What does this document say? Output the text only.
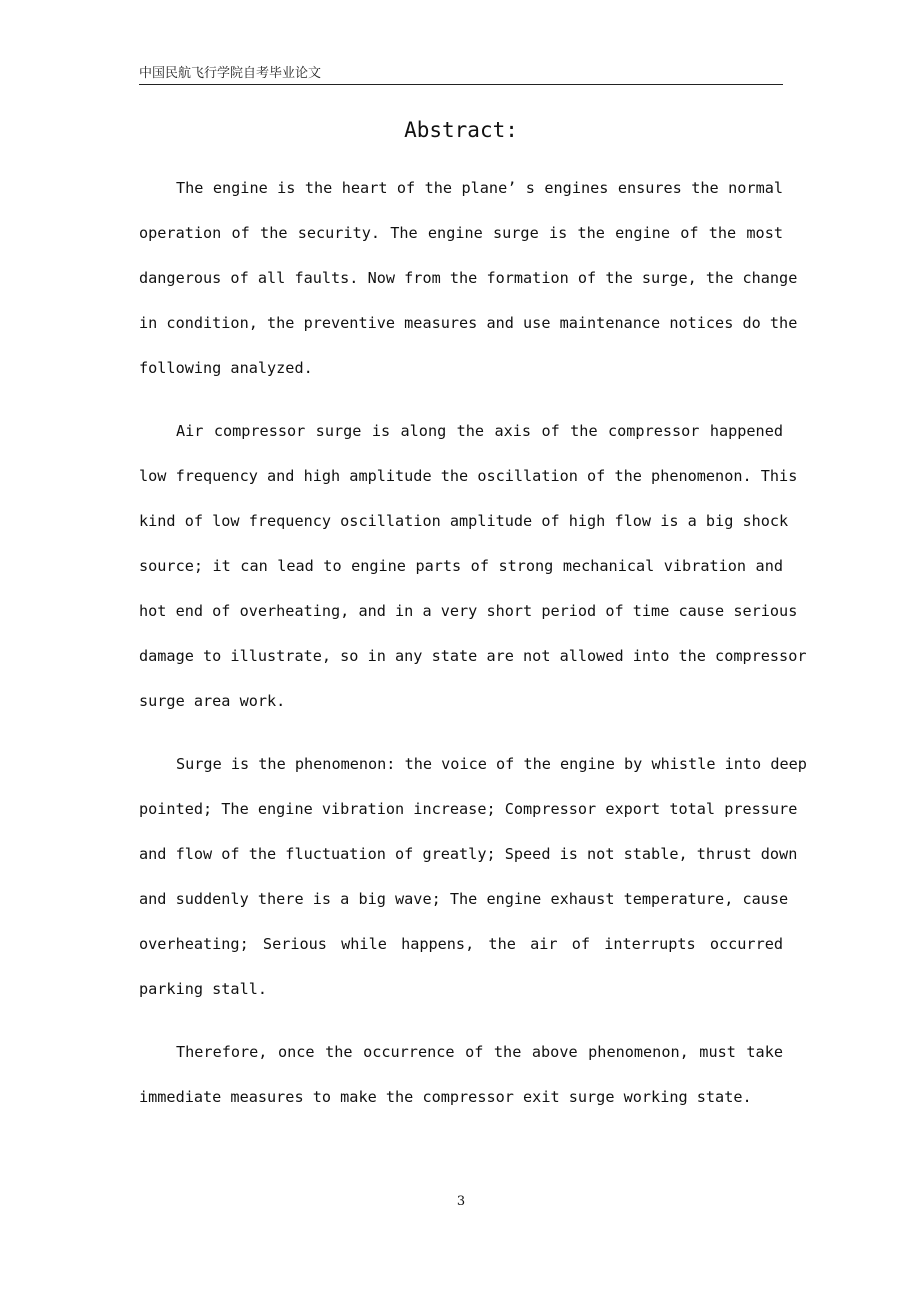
中国民航飞行学院自考毕业论文
Abstract:

The engine is the heart of the plane’ s engines ensures the normal
operation of the security. The engine surge is the engine of the most
dangerous of all faults. Now from the formation of the surge, the change
in condition, the preventive measures and use maintenance notices do the
following analyzed.

Air compressor surge is along the axis of the compressor happened
low frequency and high amplitude the oscillation of the phenomenon. This
kind of low frequency oscillation amplitude of high flow is a big shock
source; it can lead to engine parts of strong mechanical vibration and
hot end of overheating, and in a very short period of time cause serious
damage to illustrate, so in any state are not allowed into the compressor
surge area work.

Surge is the phenomenon: the voice of the engine by whistle into deep
pointed; The engine vibration increase; Compressor export total pressure
and flow of the fluctuation of greatly; Speed is not stable, thrust down
and suddenly there is a big wave; The engine exhaust temperature, cause
overheating; Serious while happens, the air of interrupts occurred
parking stall.

Therefore, once the occurrence of the above phenomenon, must take
immediate measures to make the compressor exit surge working state.

3
